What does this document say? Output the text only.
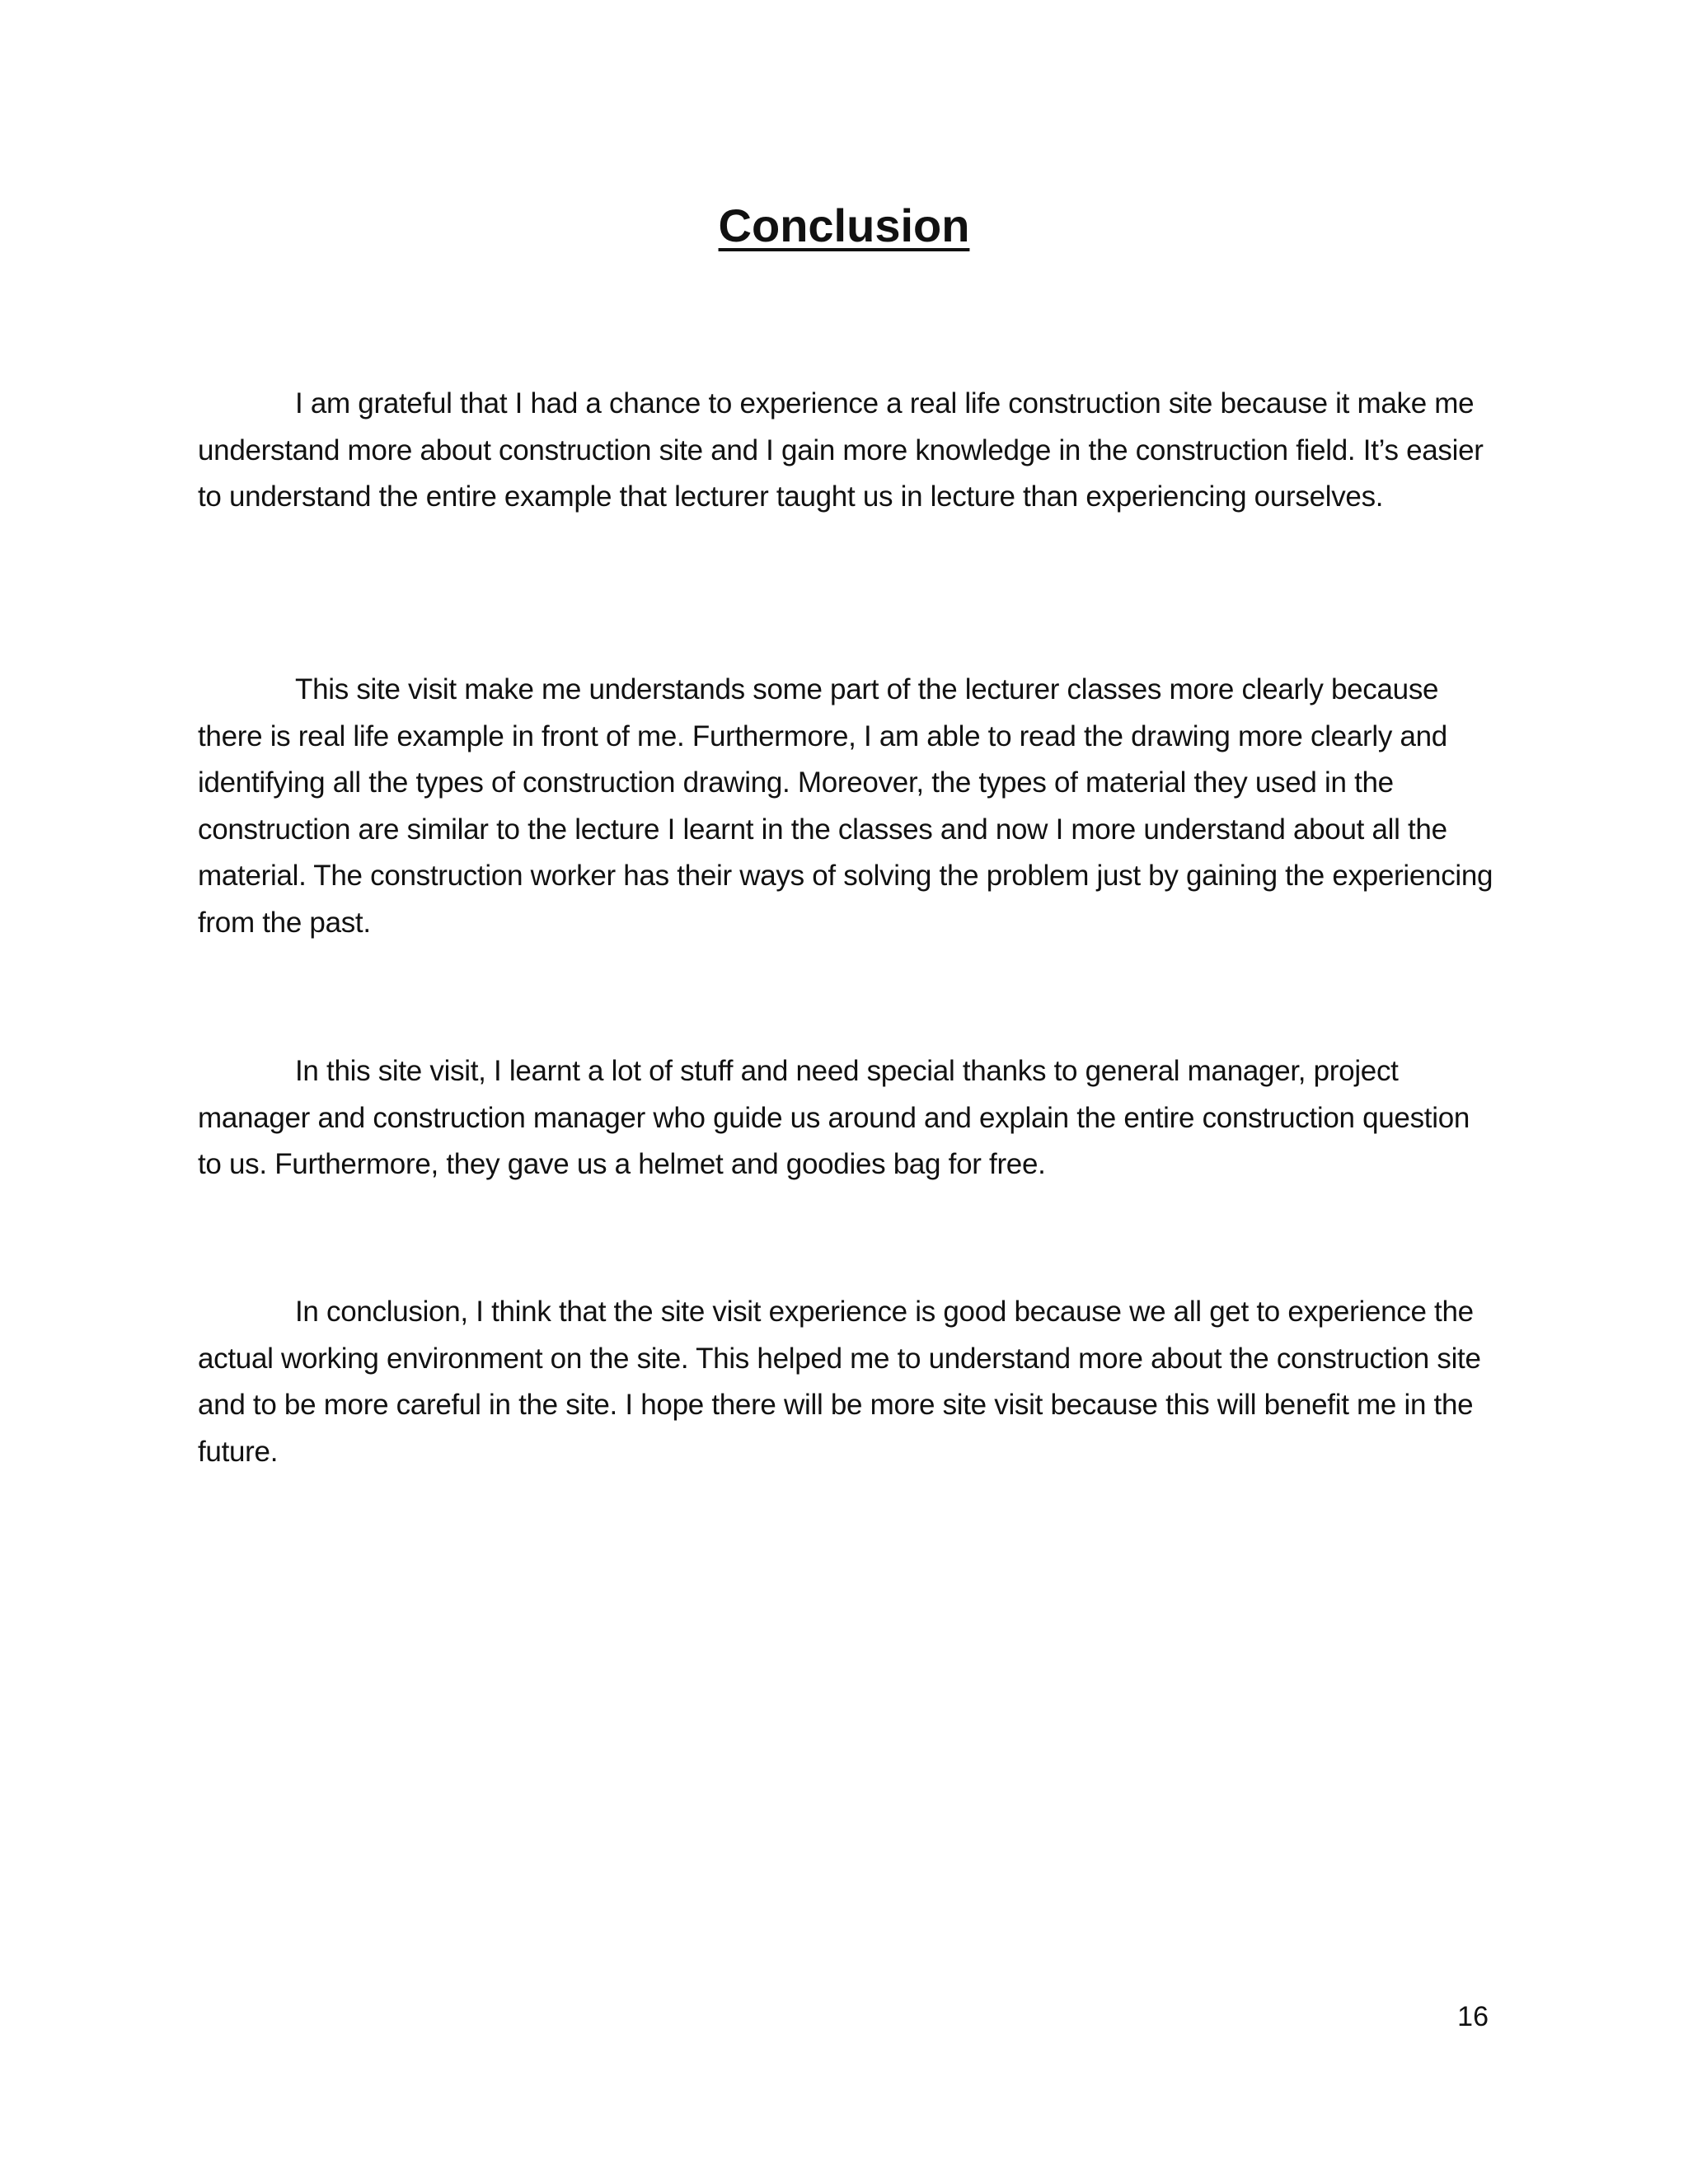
Conclusion

I am grateful that I had a chance to experience a real life construction site because it make me understand more about construction site and I gain more knowledge in the construction field. It’s easier to understand the entire example that lecturer taught us in lecture than experiencing ourselves.

This site visit make me understands some part of the lecturer classes more clearly because there is real life example in front of me. Furthermore, I am able to read the drawing more clearly and identifying all the types of construction drawing. Moreover, the types of material they used in the construction are similar to the lecture I learnt in the classes and now I more understand about all the material. The construction worker has their ways of solving the problem just by gaining the experiencing from the past.

In this site visit, I learnt a lot of stuff and need special thanks to general manager, project manager and construction manager who guide us around and explain the entire construction question to us. Furthermore, they gave us a helmet and goodies bag for free.

In conclusion, I think that the site visit experience is good because we all get to experience the actual working environment on the site. This helped me to understand more about the construction site and to be more careful in the site. I hope there will be more site visit because this will benefit me in the future.

16
